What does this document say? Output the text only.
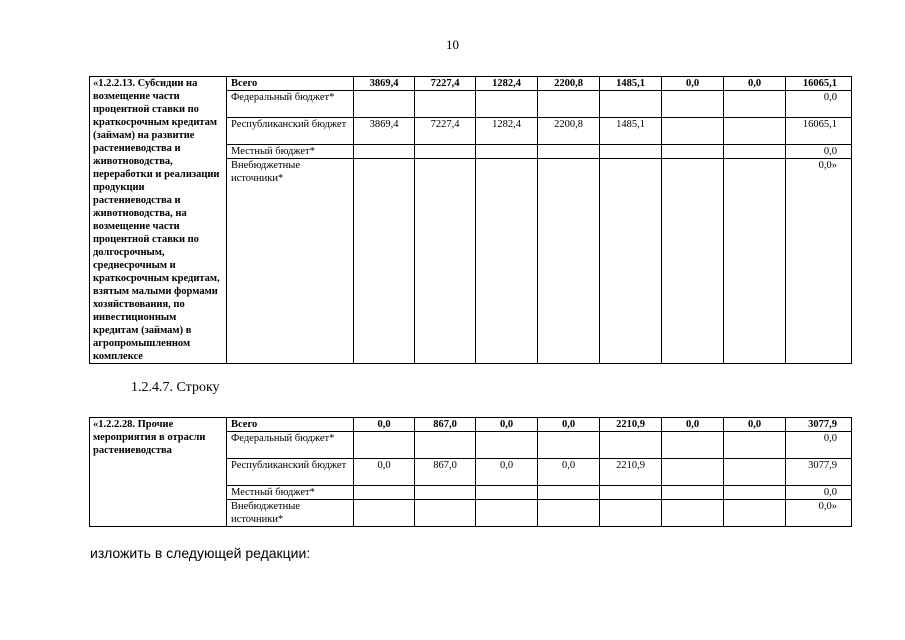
10
«1.2.2.13. Субсидии на возмещение части процентной ставки по краткосрочным кредитам (займам) на развитие растениеводства и животноводства, переработки и реализации продукции растениеводства и животноводства, на возмещение части процентной ставки по долгосрочным, среднесрочным и краткосрочным кредитам, взятым малыми формами хозяйствования, по инвестиционным кредитам (займам) в агропромышленном комплексе	Всего	3869,4	7227,4	1282,4	2200,8	1485,1	0,0	0,0	16065,1
	Федеральный бюджет*								0,0
	Республиканский бюджет	3869,4	7227,4	1282,4	2200,8	1485,1			16065,1
	Местный бюджет*								0,0
	Внебюджетные источники*								0,0»
1.2.4.7. Строку
«1.2.2.28. Прочие мероприятия в отрасли растениеводства	Всего	0,0	867,0	0,0	0,0	2210,9	0,0	0,0	3077,9
	Федеральный бюджет*								0,0
	Республиканский бюджет	0,0	867,0	0,0	0,0	2210,9			3077,9
	Местный бюджет*								0,0
	Внебюджетные источники*								0,0»
изложить в следующей редакции:
